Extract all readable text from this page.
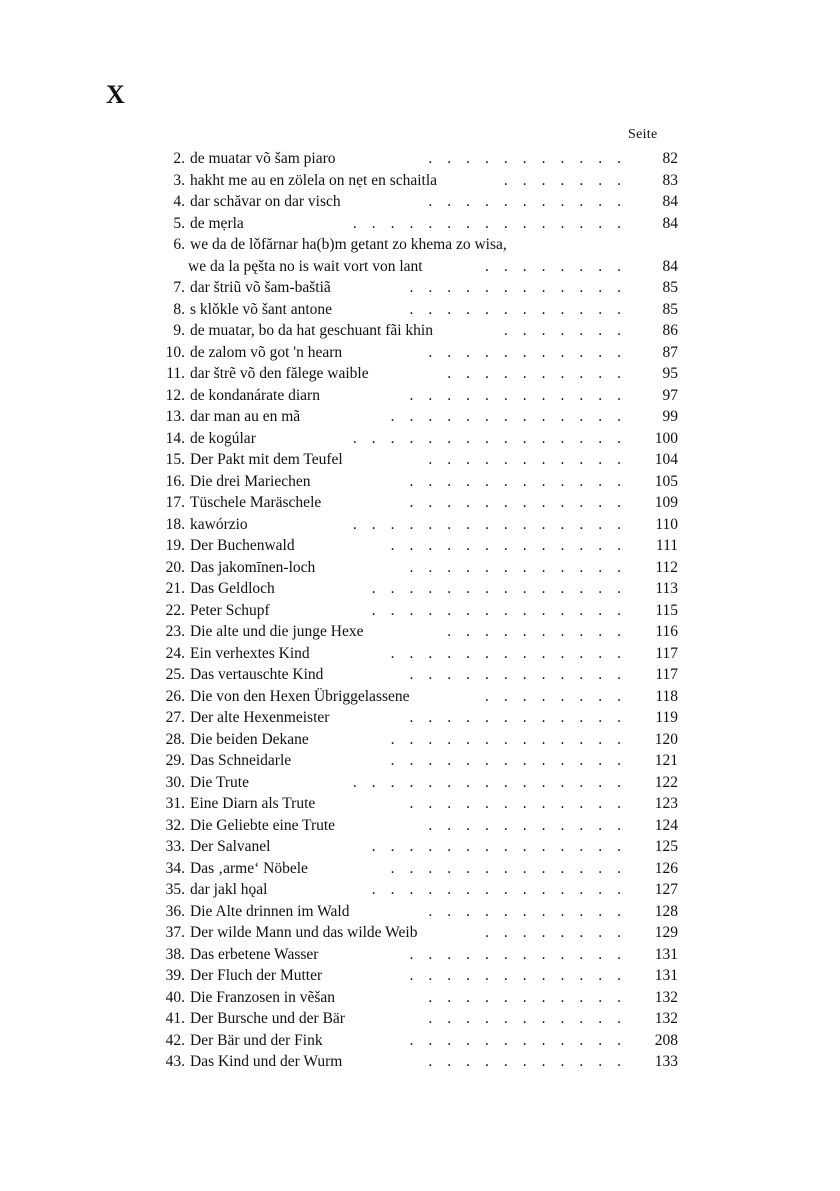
X
Seite
2. de muatar võ šam piaro	82
...........
3. hakht me au en zölela on nẹt en schaitla	83
.......
4. dar schăvar on dar visch	84
...........
5. de mẹrla	84
...............
6. we da de lǒfărnar ha(b)m getant zo khema zo wisa,
we da la pęšta no is wait vort von lant	84
........
7. dar štriũ võ šam-baštiã	85
............
8. s klǒkle võ šant antone	85
............
9. de muatar, bo da hat geschuant fãi khin	86
.......
10. de zalom võ got 'n hearn	87
...........
11. dar štrẽ võ den fălege waible	95
..........
12. de kondanárate diarn	97
............
13. dar man au en mã	99
.............
14. de kogúlar	100
...............
15. Der Pakt mit dem Teufel	104
...........
16. Die drei Mariechen	105
............
17. Tüschele Maräschele	109
............
18. kawórzio	110
...............
19. Der Buchenwald	111
.............
20. Das jakomīnen-loch	112
............
21. Das Geldloch	113
..............
22. Peter Schupf	115
..............
23. Die alte und die junge Hexe	116
..........
24. Ein verhextes Kind	117
.............
25. Das vertauschte Kind	117
............
26. Die von den Hexen Übriggelassene	118
........
27. Der alte Hexenmeister	119
............
28. Die beiden Dekane	120
.............
29. Das Schneidarle	121
.............
30. Die Trute	122
...............
31. Eine Diarn als Trute	123
............
32. Die Geliebte eine Trute	124
...........
33. Der Salvanel	125
..............
34. Das ‚arme‘ Nöbele	126
.............
35. dar jakl hǫal	127
..............
36. Die Alte drinnen im Wald	128
...........
37. Der wilde Mann und das wilde Weib	129
........
38. Das erbetene Wasser	131
............
39. Der Fluch der Mutter	131
............
40. Die Franzosen in vẽšan	132
...........
41. Der Bursche und der Bär	132
...........
42. Der Bär und der Fink	208
............
43. Das Kind und der Wurm	133
...........
